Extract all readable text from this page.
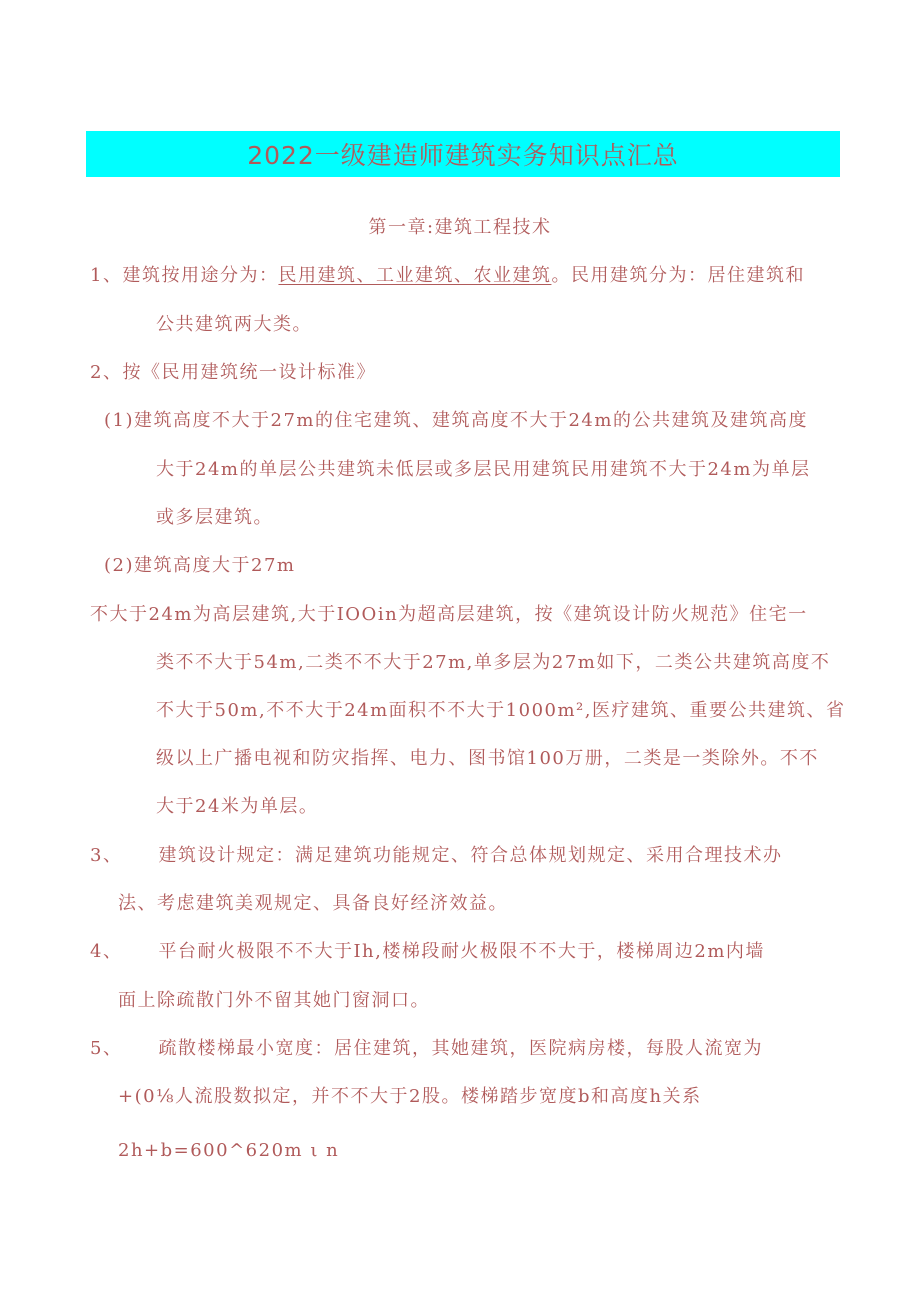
2022一级建造师建筑实务知识点汇总
第一章:建筑工程技术
1、建筑按用途分为：民用建筑、工业建筑、农业建筑。民用建筑分为：居住建筑和
公共建筑两大类。
2、按《民用建筑统一设计标准》
(1)建筑高度不大于27m的住宅建筑、建筑高度不大于24m的公共建筑及建筑高度
大于24m的单层公共建筑未低层或多层民用建筑民用建筑不大于24m为单层
或多层建筑。
(2)建筑高度大于27m
不大于24m为高层建筑,大于IOOin为超高层建筑，按《建筑设计防火规范》住宅一
类不不大于54m,二类不不大于27m,单多层为27m如下，二类公共建筑高度不
不大于50m,不不大于24m面积不不大于1000m²,医疗建筑、重要公共建筑、省
级以上广播电视和防灾指挥、电力、图书馆100万册，二类是一类除外。不不
大于24米为单层。
3、 建筑设计规定：满足建筑功能规定、符合总体规划规定、采用合理技术办
法、考虑建筑美观规定、具备良好经济效益。
4、 平台耐火极限不不大于Ih,楼梯段耐火极限不不大于，楼梯周边2m内墙
面上除疏散门外不留其她门窗洞口。
5、 疏散楼梯最小宽度：居住建筑，其她建筑，医院病房楼，每股人流宽为
+(0⅛人流股数拟定，并不不大于2股。楼梯踏步宽度b和高度h关系
2h+b=600^620m ι n
